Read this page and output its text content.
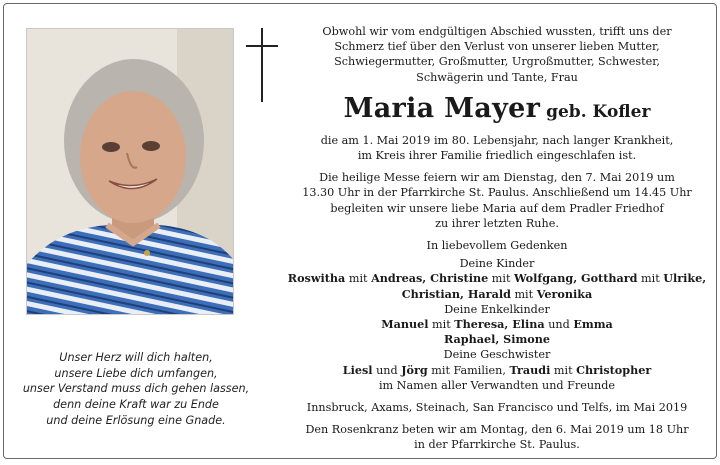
Unser Herz will dich halten,
unsere Liebe dich umfangen,
unser Verstand muss dich gehen lassen,
denn deine Kraft war zu Ende
und deine Erlösung eine Gnade.
Obwohl wir vom endgültigen Abschied wussten, trifft uns der
Schmerz tief über den Verlust von unserer lieben Mutter,
Schwiegermutter, Großmutter, Urgroßmutter, Schwester,
Schwägerin und Tante, Frau
Maria Mayer geb. Kofler
die am 1. Mai 2019 im 80. Lebensjahr, nach langer Krankheit,
im Kreis ihrer Familie friedlich eingeschlafen ist.
Die heilige Messe feiern wir am Dienstag, den 7. Mai 2019 um
13.30 Uhr in der Pfarrkirche St. Paulus. Anschließend um 14.45 Uhr
begleiten wir unsere liebe Maria auf dem Pradler Friedhof
zu ihrer letzten Ruhe.
In liebevollem Gedenken
Deine Kinder
Roswitha mit Andreas, Christine mit Wolfgang, Gotthard mit Ulrike,
Christian, Harald mit Veronika
Deine Enkelkinder
Manuel mit Theresa, Elina und Emma
Raphael, Simone
Deine Geschwister
Liesl und Jörg mit Familien, Traudi mit Christopher
im Namen aller Verwandten und Freunde
Innsbruck, Axams, Steinach, San Francisco und Telfs, im Mai 2019
Den Rosenkranz beten wir am Montag, den 6. Mai 2019 um 18 Uhr
in der Pfarrkirche St. Paulus.
